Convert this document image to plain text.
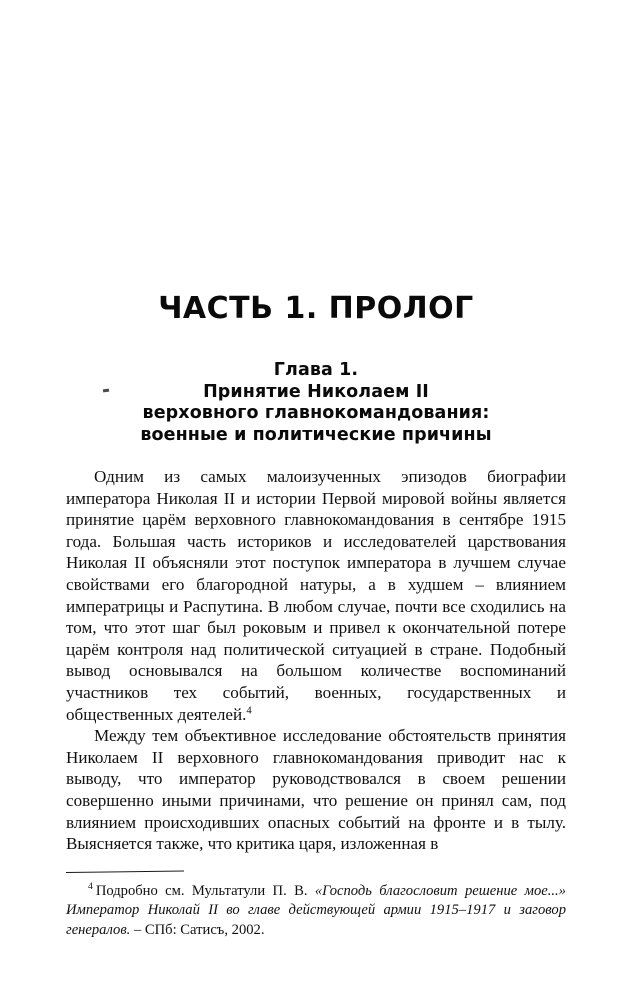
ЧАСТЬ 1. ПРОЛОГ
Глава 1.
Принятие Николаем II
верховного главнокомандования:
военные и политические причины

Одним из самых малоизученных эпизодов биографии императора Николая II и истории Первой мировой войны является принятие царём верховного главнокомандования в сентябре 1915 года. Большая часть историков и исследователей царствования Николая II объясняли этот поступок императора в лучшем случае свойствами его благородной натуры, а в худшем – влиянием императрицы и Распутина. В любом случае, почти все сходились на том, что этот шаг был роковым и привел к окончательной потере царём контроля над политической ситуацией в стране. Подобный вывод основывался на большом количестве воспоминаний участников тех событий, военных, государственных и общественных деятелей.$^4$

Между тем объективное исследование обстоятельств принятия Николаем II верховного главнокомандования приводит нас к выводу, что император руководствовался в своем решении совершенно иными причинами, что решение он принял сам, под влиянием происходивших опасных событий на фронте и в тылу. Выясняется также, что критика царя, изложенная в

$^4$ Подробно см. Мультатули П. В. «Господь благословит решение мое...» Император Николай II во главе действующей армии 1915–1917 и заговор генералов. – СПб: Сатисъ, 2002.
